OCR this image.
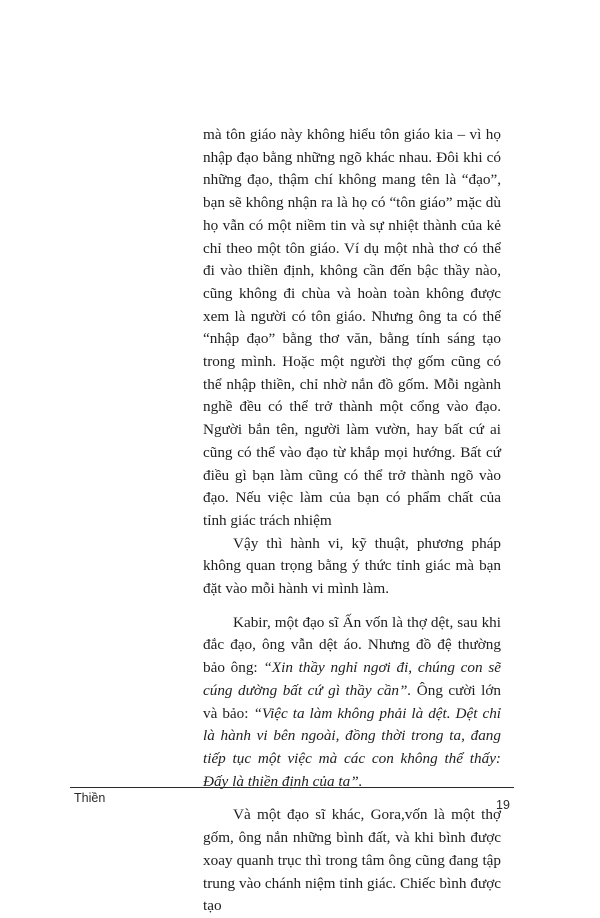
mà tôn giáo này không hiểu tôn giáo kia – vì họ nhập đạo bằng những ngõ khác nhau. Đôi khi có những đạo, thậm chí không mang tên là “đạo”, bạn sẽ không nhận ra là họ có “tôn giáo” mặc dù họ vẫn có một niềm tin và sự nhiệt thành của kẻ chỉ theo một tôn giáo. Ví dụ một nhà thơ có thể đi vào thiền định, không cần đến bậc thầy nào, cũng không đi chùa và hoàn toàn không được xem là người có tôn giáo. Nhưng ông ta có thể “nhập đạo” bằng thơ văn, bằng tính sáng tạo trong mình. Hoặc một người thợ gốm cũng có thể nhập thiền, chỉ nhờ nắn đồ gốm. Mỗi ngành nghề đều có thể trở thành một cổng vào đạo. Người bắn tên, người làm vườn, hay bất cứ ai cũng có thể vào đạo từ khắp mọi hướng. Bất cứ điều gì bạn làm cũng có thể trở thành ngõ vào đạo. Nếu việc làm của bạn có phẩm chất của tỉnh giác trách nhiệm

Vậy thì hành vi, kỹ thuật, phương pháp không quan trọng bằng ý thức tỉnh giác mà bạn đặt vào mỗi hành vi mình làm.

Kabir, một đạo sĩ Ấn vốn là thợ dệt, sau khi đắc đạo, ông vẫn dệt áo. Nhưng đồ đệ thường bảo ông: “Xin thầy nghỉ ngơi đi, chúng con sẽ cúng dường bất cứ gì thầy cần”. Ông cười lớn và bảo: “Việc ta làm không phải là dệt. Dệt chỉ là hành vi bên ngoài, đồng thời trong ta, đang tiếp tục một việc mà các con không thể thấy: Đấy là thiền định của ta”.

Và một đạo sĩ khác, Gora,vốn là một thợ gốm, ông nắn những bình đất, và khi bình được xoay quanh trục thì trong tâm ông cũng đang tập trung vào chánh niệm tỉnh giác. Chiếc bình được tạo

Thiền	19
